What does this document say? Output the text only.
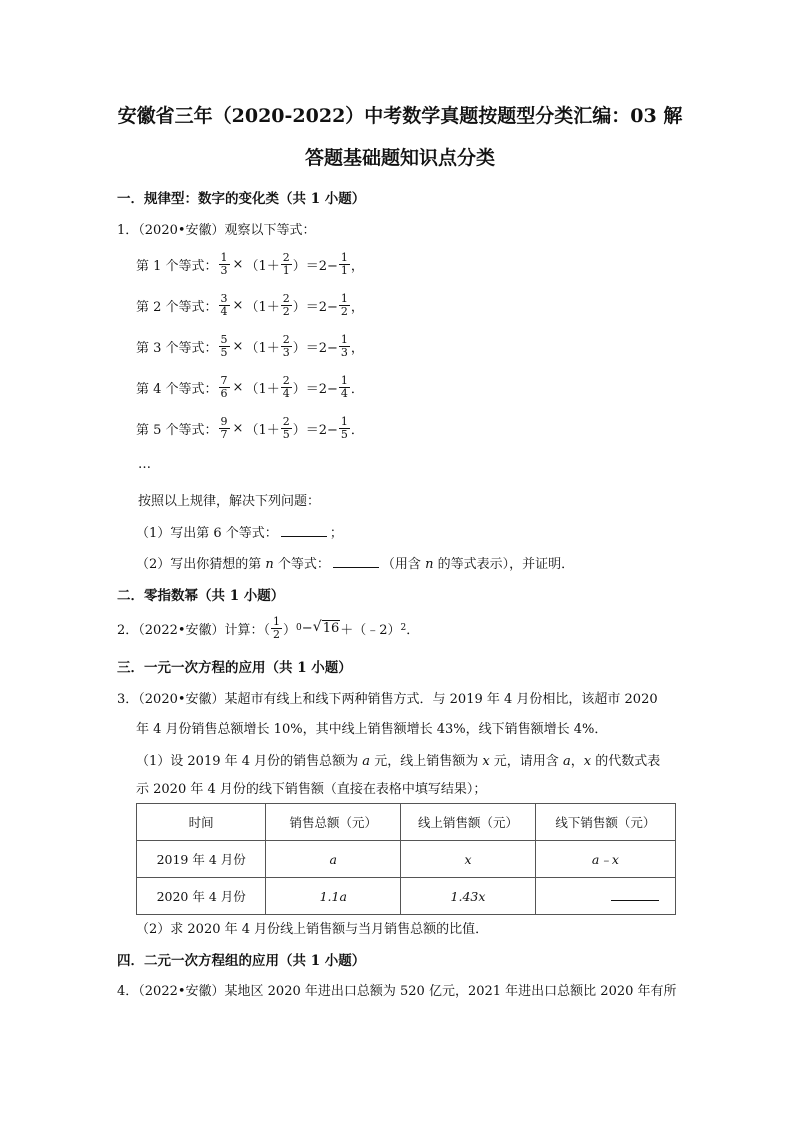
安徽省三年（2020-2022）中考数学真题按题型分类汇编：03 解
答题基础题知识点分类
一．规律型：数字的变化类（共 1 小题）
1．（2020•安徽）观察以下等式：
第 1 个等式： $\frac{1}{3} \times (1+ \frac{2}{1} )=2- \frac{1}{1}$ ，
第 2 个等式： $\frac{3}{4} \times (1+ \frac{2}{2} )=2- \frac{1}{2}$ ，
第 3 个等式： $\frac{5}{5} \times (1+ \frac{2}{3} )=2- \frac{1}{3}$ ，
第 4 个等式： $\frac{7}{6} \times (1+ \frac{2}{4} )=2- \frac{1}{4}$ ．
第 5 个等式： $\frac{9}{7} \times (1+ \frac{2}{5} )=2- \frac{1}{5}$ ．
…
按照以上规律，解决下列问题：
（1）写出第 6 个等式：	；
（2）写出你猜想的第 n 个等式：	（用含 n 的等式表示），并证明．
二．零指数幂（共 1 小题）
2．（2022•安徽）计算：（ $\frac{1}{2}$ ） 0 − √ 16 ＋（﹣2） 2 ．
三．一元一次方程的应用（共 1 小题）
3．（2020•安徽）某超市有线上和线下两种销售方式．与 2019 年 4 月份相比，该超市 2020
年 4 月份销售总额增长 10%，其中线上销售额增长 43%，线下销售额增长 4%．
（1）设 2019 年 4 月份的销售总额为 a 元，线上销售额为 x 元，请用含 a，x 的代数式表
示 2020 年 4 月份的线下销售额（直接在表格中填写结果）；
时间	销售总额（元）	线上销售额（元）	线下销售额（元）
2019 年 4 月份	a	x	a﹣x
2020 年 4 月份	1.1a	1.43x	
（2）求 2020 年 4 月份线上销售额与当月销售总额的比值．
四．二元一次方程组的应用（共 1 小题）
4．（2022•安徽）某地区 2020 年进出口总额为 520 亿元，2021 年进出口总额比 2020 年有所
